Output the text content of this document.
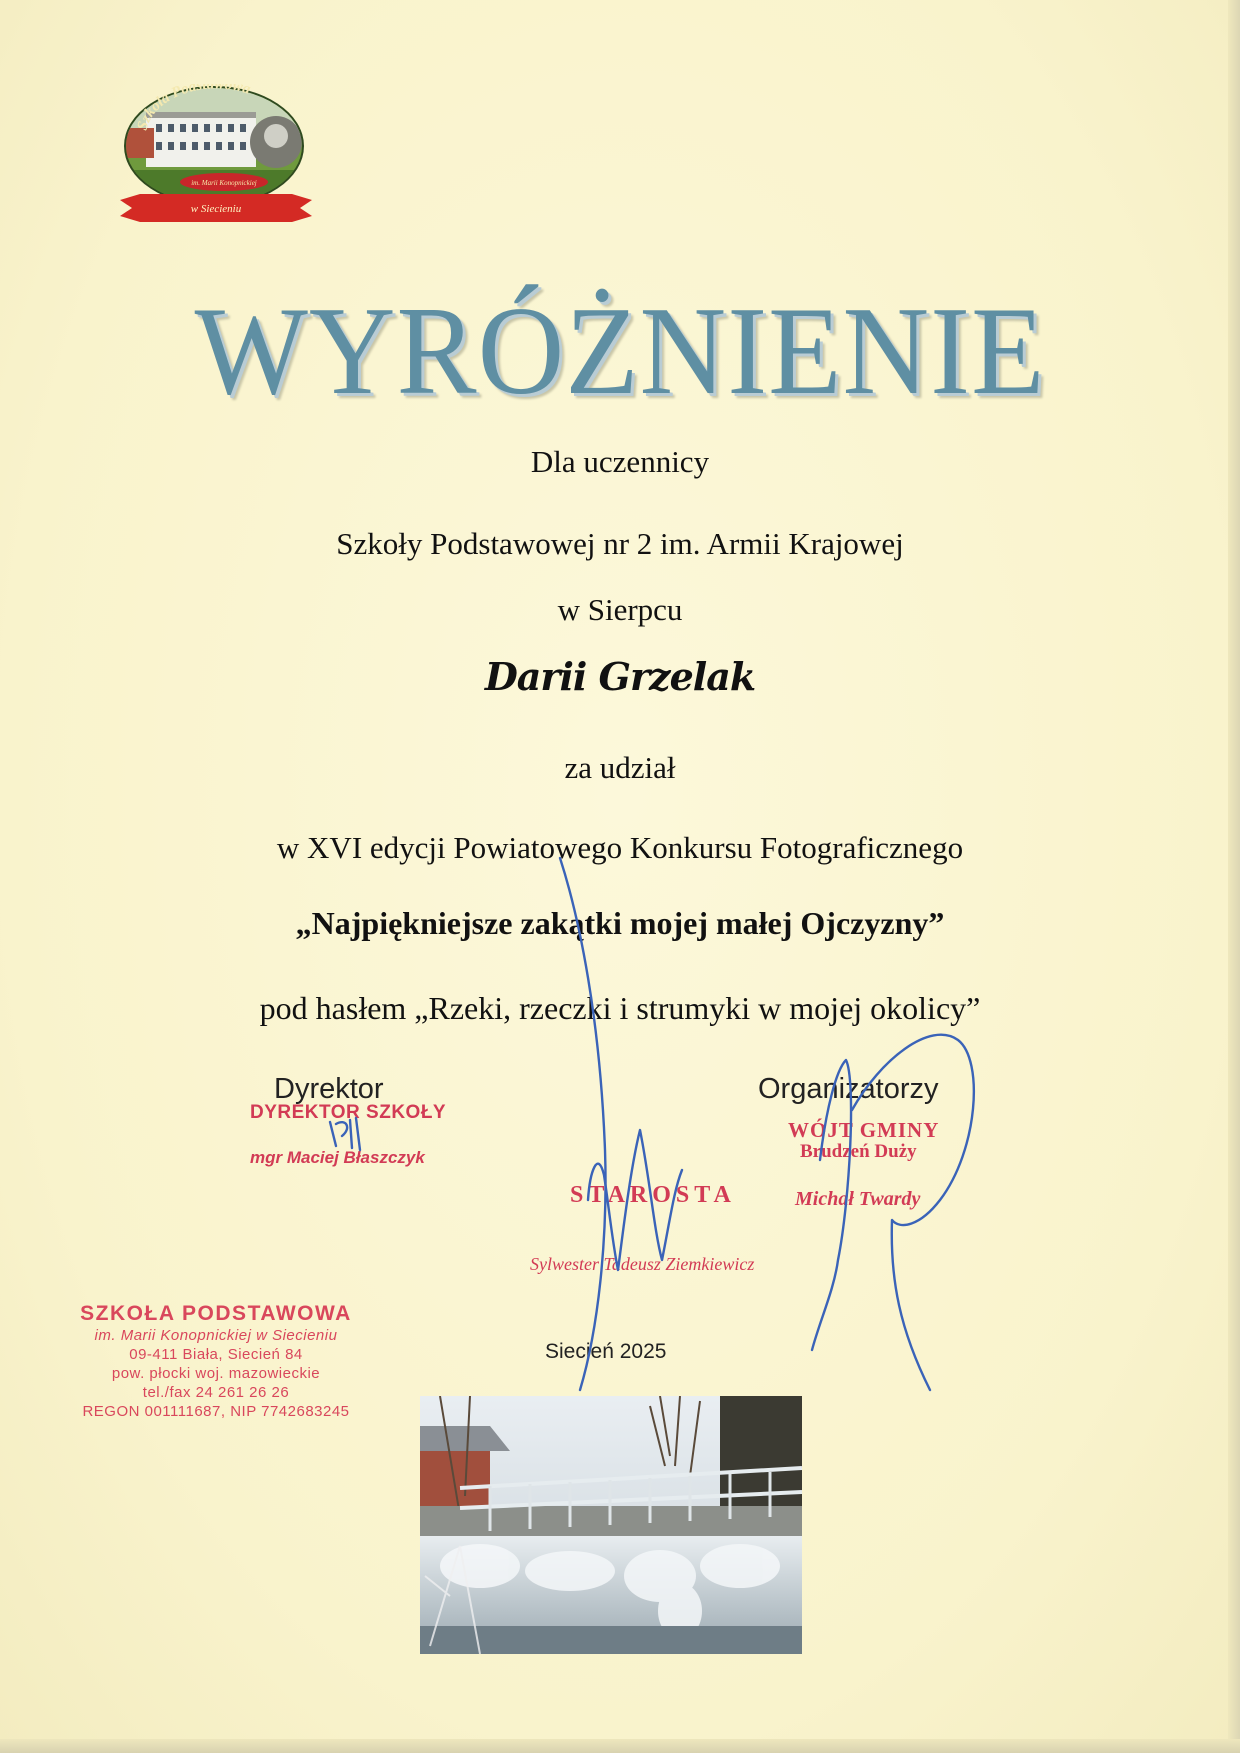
Szkoła Podstawowa
im. Marii Konopnickiej
w Siecieniu
WYRÓŻNIENIE
Dla uczennicy
Szkoły Podstawowej nr 2 im. Armii Krajowej
w Sierpcu
Darii Grzelak
za udział
w XVI edycji Powiatowego Konkursu Fotograficznego
„Najpiękniejsze zakątki mojej małej Ojczyzny”
pod hasłem „Rzeki, rzeczki i strumyki w mojej okolicy”
Dyrektor	Organizatorzy
DYREKTOR SZKOŁY
mgr Maciej Błaszczyk
WÓJT GMINY
Brudzeń Duży
Michał Twardy
STAROSTA
Sylwester Tadeusz Ziemkiewicz
SZKOŁA PODSTAWOWA
im. Marii Konopnickiej w Siecieniu
09-411 Biała, Siecień 84
pow. płocki woj. mazowieckie
tel./fax 24 261 26 26
REGON 001111687, NIP 7742683245
Siecień 2025
